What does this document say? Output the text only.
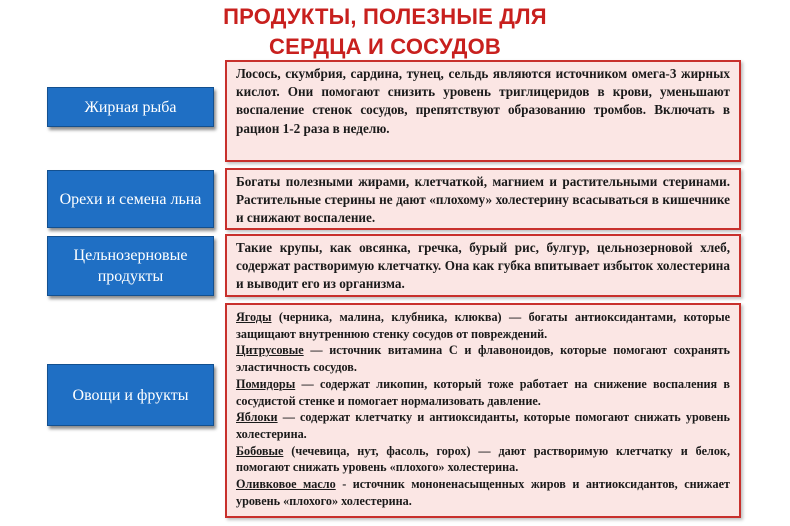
ПРОДУКТЫ, ПОЛЕЗНЫЕ ДЛЯ
СЕРДЦА И СОСУДОВ
Жирная рыба

Лосось, скумбрия, сардина, тунец, сельдь являются источником омега-3 жирных кислот. Они помогают снизить уровень триглицеридов в крови, уменьшают воспаление стенок сосудов, препятствуют образованию тромбов. Включать в рацион 1-2 раза в неделю.

Орехи и семена льна

Богаты полезными жирами, клетчаткой, магнием и растительными стеринами. Растительные стерины не дают «плохому» холестерину всасываться в кишечнике и снижают воспаление.

Цельнозерновые продукты

Такие крупы, как овсянка, гречка, бурый рис, булгур, цельнозерновой хлеб, содержат растворимую клетчатку. Она как губка впитывает избыток холестерина и выводит его из организма.

Овощи и фрукты

Ягоды (черника, малина, клубника, клюква) — богаты антиоксидантами, которые защищают внутреннюю стенку сосудов от повреждений.

Цитрусовые — источник витамина С и флавоноидов, которые помогают сохранять эластичность сосудов.

Помидоры — содержат ликопин, который тоже работает на снижение воспаления в сосудистой стенке и помогает нормализовать давление.

Яблоки — содержат клетчатку и антиоксиданты, которые помогают снижать уровень холестерина.

Бобовые (чечевица, нут, фасоль, горох) — дают растворимую клетчатку и белок, помогают снижать уровень «плохого» холестерина.

Оливковое масло - источник мононенасыщенных жиров и антиоксидантов, снижает уровень «плохого» холестерина.
